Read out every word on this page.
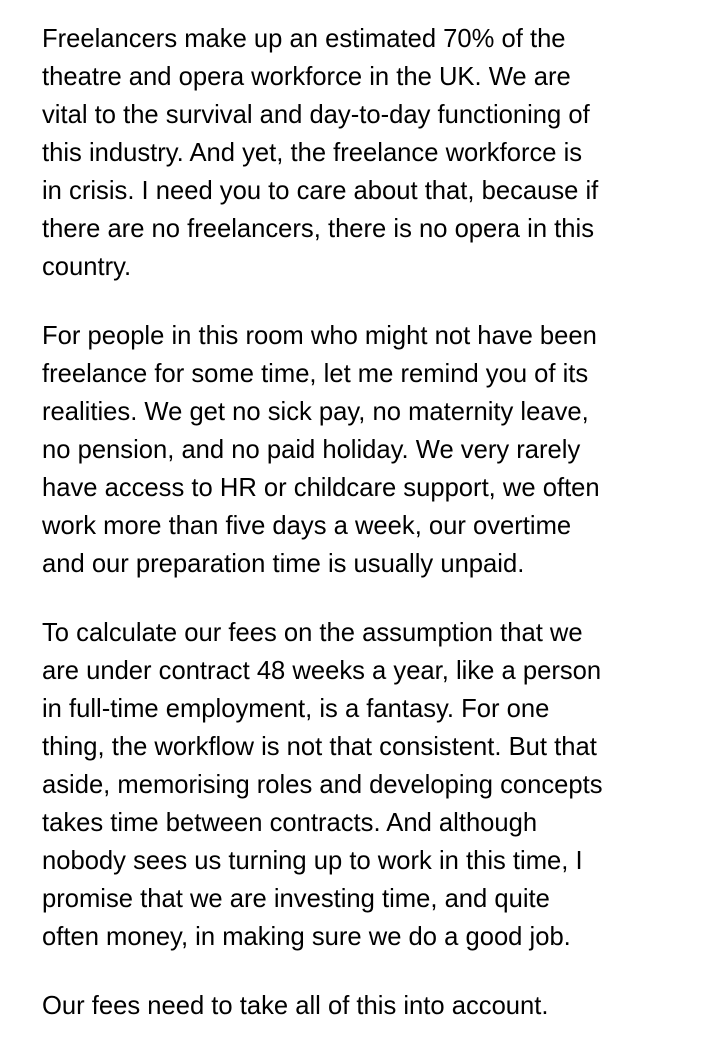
Freelancers make up an estimated 70% of the
theatre and opera workforce in the UK. We are
vital to the survival and day-to-day functioning of
this industry. And yet, the freelance workforce is
in crisis. I need you to care about that, because if
there are no freelancers, there is no opera in this
country.

For people in this room who might not have been
freelance for some time, let me remind you of its
realities. We get no sick pay, no maternity leave,
no pension, and no paid holiday. We very rarely
have access to HR or childcare support, we often
work more than five days a week, our overtime
and our preparation time is usually unpaid.

To calculate our fees on the assumption that we
are under contract 48 weeks a year, like a person
in full-time employment, is a fantasy. For one
thing, the workflow is not that consistent. But that
aside, memorising roles and developing concepts
takes time between contracts. And although
nobody sees us turning up to work in this time, I
promise that we are investing time, and quite
often money, in making sure we do a good job.

Our fees need to take all of this into account.
